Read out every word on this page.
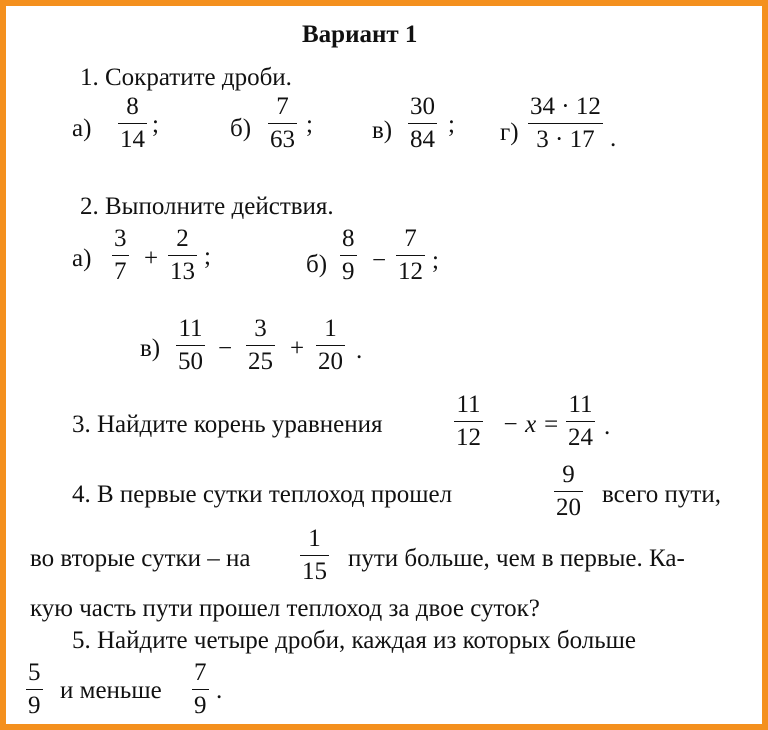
Вариант 1
1. Сократите дроби.
а)
8
14
;	б)
7
63
; в)
30
84
; г)
34 · 12
3 · 17 .
2. Выполните действия.
а)
3
7 +
2
13
;	б)
8
9 −
7
12 ;
в)
11
50 −
3
25 +
1
20 .
3. Найдите корень уравнения
11
12 − x =
11
24 .
4. В первые сутки теплоход прошел
9
20 всего пути,
во вторые сутки – на
1
15 пути больше, чем в первые. Ка-
кую часть пути прошел теплоход за двое суток?
5. Найдите четыре дроби, каждая из которых больше
5
9
и меньше
7
9
.
